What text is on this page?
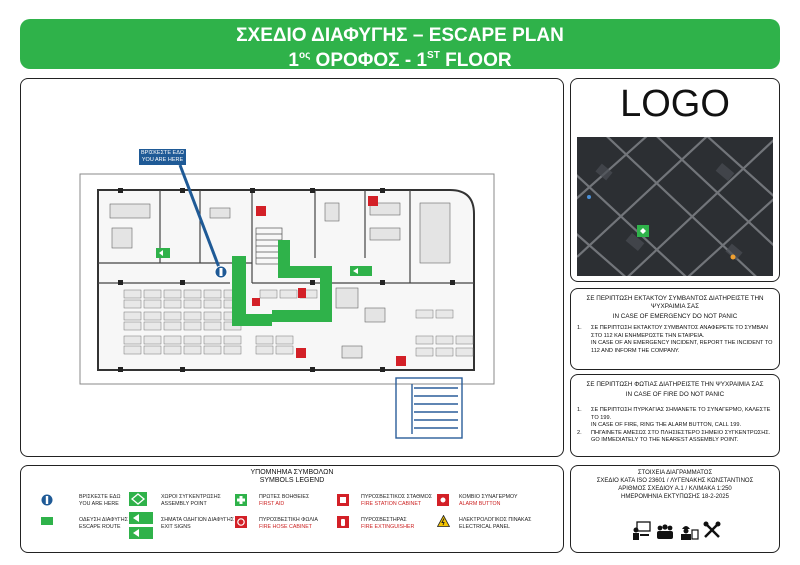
ΣΧΕΔΙΟ ΔΙΑΦΥΓΗΣ – ESCAPE PLAN
$1^{o\varsigma}$ ΟΡΟΦΟΣ - 1ST FLOOR
ΒΡΙΣΚΕΣΤΕ ΕΔΩ
YOU ARE HERE
LOGO
ΣΕ ΠΕΡΙΠΤΩΣΗ ΕΚΤΑΚΤΟΥ ΣΥΜΒΑΝΤΟΣ ΔΙΑΤΗΡΕΙΣΤΕ ΤΗΝ ΨΥΧΡΑΙΜΙΑ ΣΑΣ
IN CASE OF EMERGENCY DO NOT PANIC
1.	ΣΕ ΠΕΡΙΠΤΩΣΗ ΕΚΤΑΚΤΟΥ ΣΥΜΒΑΝΤΟΣ ΑΝΑΦΕΡΕΤΕ ΤΟ ΣΥΜΒΑΝ ΣΤΟ 112 ΚΑΙ ΕΝΗΜΕΡΩΣΤΕ ΤΗΝ ΕΤΑΙΡΕΙΑ.
IN CASE OF AN EMERGENCY INCIDENT, REPORT THE INCIDENT TO 112 AND INFORM THE COMPANY.
ΣΕ ΠΕΡΙΠΤΩΣΗ ΦΩΤΙΑΣ ΔΙΑΤΗΡΕΙΣΤΕ ΤΗΝ ΨΥΧΡΑΙΜΙΑ ΣΑΣ
IN CASE OF FIRE DO NOT PANIC
1.	ΣΕ ΠΕΡΙΠΤΩΣΗ ΠΥΡΚΑΓΙΑΣ ΣΗΜΑΝΕΤΕ ΤΟ ΣΥΝΑΓΕΡΜΟ, ΚΑΛΕΣΤΕ ΤΟ 199.
IN CASE OF FIRE, RING THE ALARM BUTTON, CALL 199.
2.	ΠΗΓΑΙΝΕΤΕ ΑΜΕΣΩΣ ΣΤΟ ΠΛΗΣΙΕΣΤΕΡΟ ΣΗΜΕΙΟ ΣΥΓΚΕΝΤΡΩΣΗΣ.
GO IMMEDIATELY TO THE NEAREST ASSEMBLY POINT.
ΥΠΟΜΝΗΜΑ ΣΥΜΒΟΛΩΝ
SYMBOLS LEGEND
ΒΡΙΣΚΕΣΤΕ ΕΔΩ
YOU ARE HERE
ΟΔΕΥΣΗ ΔΙΑΦΥΓΗΣ
ESCAPE ROUTE
ΧΩΡΟΙ ΣΥΓΚΕΝΤΡΩΣΗΣ
ASSEMBLY POINT
ΣΗΜΑΤΑ ΟΔΗΓΙΩΝ ΔΙΑΦΥΓΗΣ
EXIT SIGNS
ΠΡΩΤΕΣ ΒΟΗΘΕΙΕΣ
FIRST AID
ΠΥΡΟΣΒΕΣΤΙΚΗ ΦΩΛΙΑ
FIRE HOSE CABINET
ΠΥΡΟΣΒΕΣΤΙΚΟΣ ΣΤΑΘΜΟΣ
FIRE STATION CABINET
ΠΥΡΟΣΒΕΣΤΗΡΑΣ
FIRE EXTINGUISHER
ΚΟΜΒΙΟ ΣΥΝΑΓΕΡΜΟΥ
ALARM BUTTON
ΗΛΕΚΤΡΟΛΟΓΙΚΟΣ ΠΙΝΑΚΑΣ
ELECTRICAL PANEL
ΣΤΟΙΧΕΙΑ ΔΙΑΓΡΑΜΜΑΤΟΣ
ΣΧΕΔΙΟ ΚΑΤΑ ISO 23601 / ΛΥΓΕΝΑΚΗΣ ΚΩΝΣΤΑΝΤΙΝΟΣ
ΑΡΙΘΜΟΣ ΣΧΕΔΙΟΥ Α.1 / ΚΛΙΜΑΚΑ 1:250
ΗΜΕΡΟΜΗΝΙΑ ΕΚΤΥΠΩΣΗΣ 18-2-2025
